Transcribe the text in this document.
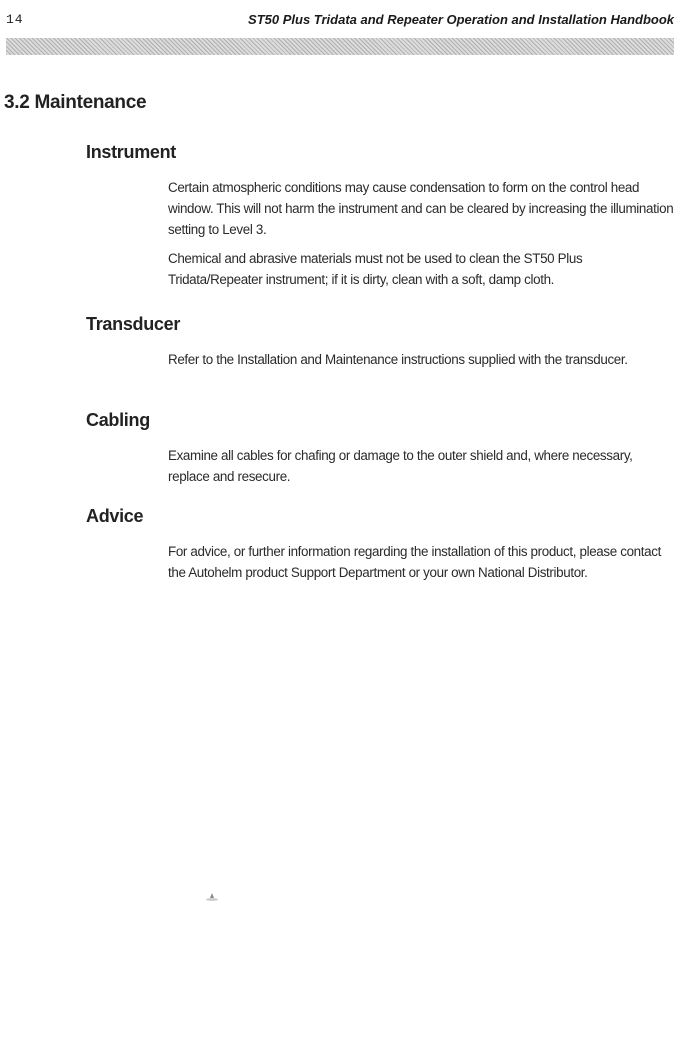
14	ST50 Plus Tridata and Repeater Operation and Installation Handbook
3.2 Maintenance
Instrument

Certain atmospheric conditions may cause condensation to form on the control head window. This will not harm the instrument and can be cleared by increasing the illumination setting to Level 3.

Chemical and abrasive materials must not be used to clean the ST50 Plus Tridata/Repeater instrument; if it is dirty, clean with a soft, damp cloth.

Transducer

Refer to the Installation and Maintenance instructions supplied with the transducer.

Cabling

Examine all cables for chafing or damage to the outer shield and, where necessary, replace and resecure.

Advice

For advice, or further information regarding the installation of this product, please contact the Autohelm product Support Department or your own National Distributor.
